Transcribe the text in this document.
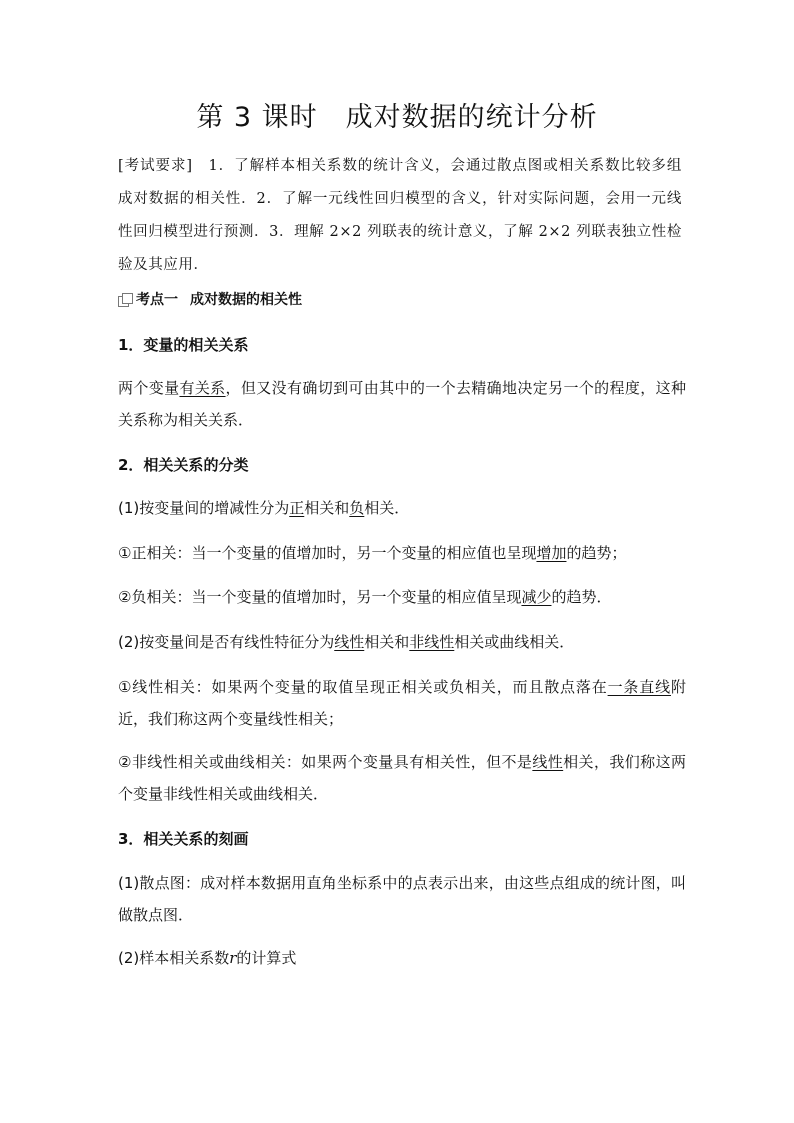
第 3 课时 成对数据的统计分析
[考试要求]　1．了解样本相关系数的统计含义，会通过散点图或相关系数比较多组成对数据的相关性．2．了解一元线性回归模型的含义，针对实际问题，会用一元线性回归模型进行预测．3．理解 2×2 列联表的统计意义，了解 2×2 列联表独立性检验及其应用．
考点一 成对数据的相关性
1．变量的相关关系
两个变量有关系，但又没有确切到可由其中的一个去精确地决定另一个的程度，这种关系称为相关关系．
2．相关关系的分类
(1)按变量间的增减性分为正相关和负相关．
①正相关：当一个变量的值增加时，另一个变量的相应值也呈现增加的趋势；
②负相关：当一个变量的值增加时，另一个变量的相应值呈现减少的趋势．
(2)按变量间是否有线性特征分为线性相关和非线性相关或曲线相关．
①线性相关：如果两个变量的取值呈现正相关或负相关，而且散点落在一条直线附近，我们称这两个变量线性相关；
②非线性相关或曲线相关：如果两个变量具有相关性，但不是线性相关，我们称这两个变量非线性相关或曲线相关．
3．相关关系的刻画
(1)散点图：成对样本数据用直角坐标系中的点表示出来，由这些点组成的统计图，叫做散点图．
(2)样本相关系数r的计算式
